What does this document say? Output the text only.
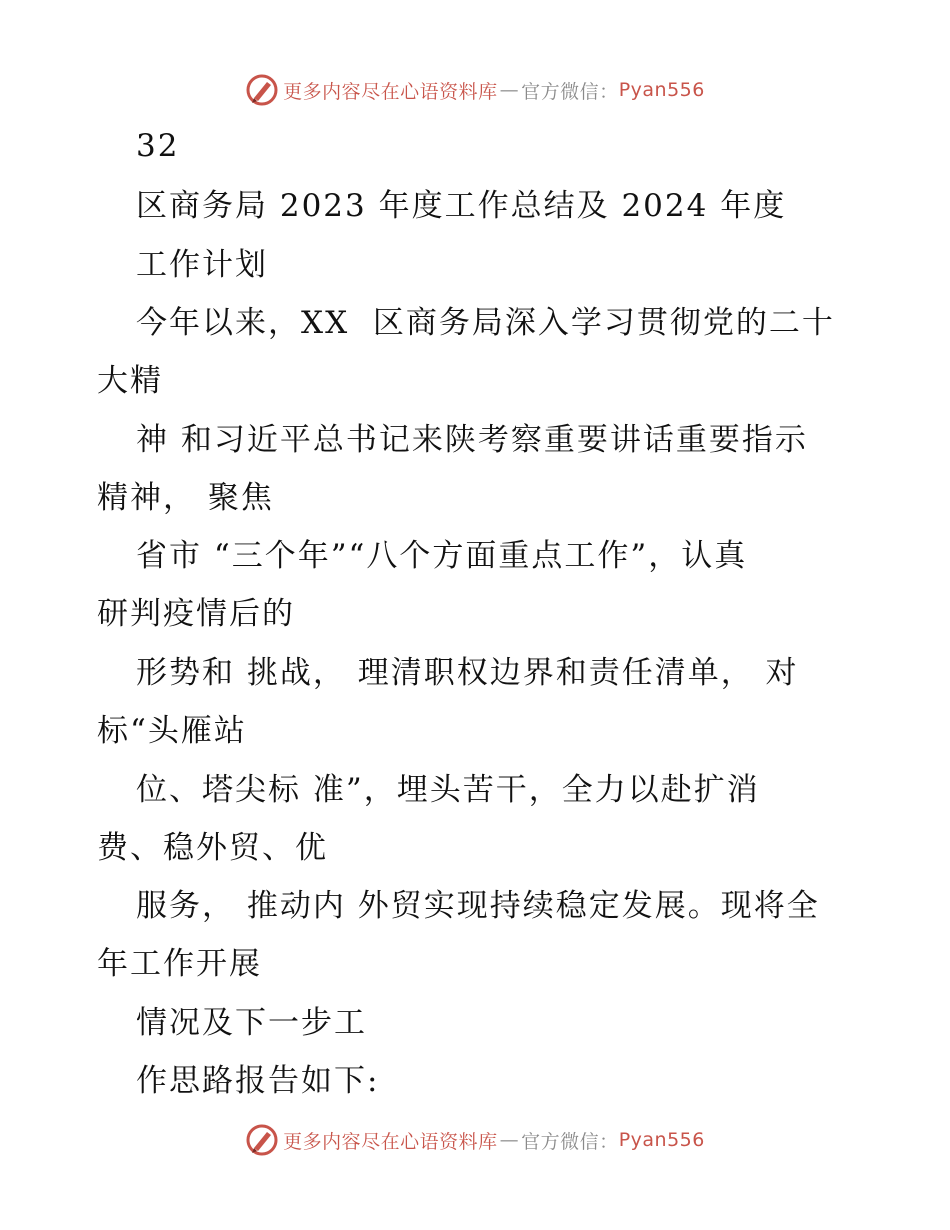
更多内容尽在心语资料库 — 官方微信： Pyan556
32
区商务局 2023 年度工作总结及 2024 年度
工作计划
今年以来，XX  区商务局深入学习贯彻党的二十
大精
神 和习近平总书记来陕考察重要讲话重要指示
精神， 聚焦
省市 “三个年”“八个方面重点工作”，认真
研判疫情后的
形势和 挑战， 理清职权边界和责任清单， 对
标“头雁站
位、塔尖标 准”，埋头苦干，全力以赴扩消
费、稳外贸、优
服务， 推动内 外贸实现持续稳定发展。现将全
年工作开展
情况及下一步工
作思路报告如下:
更多内容尽在心语资料库 — 官方微信： Pyan556
